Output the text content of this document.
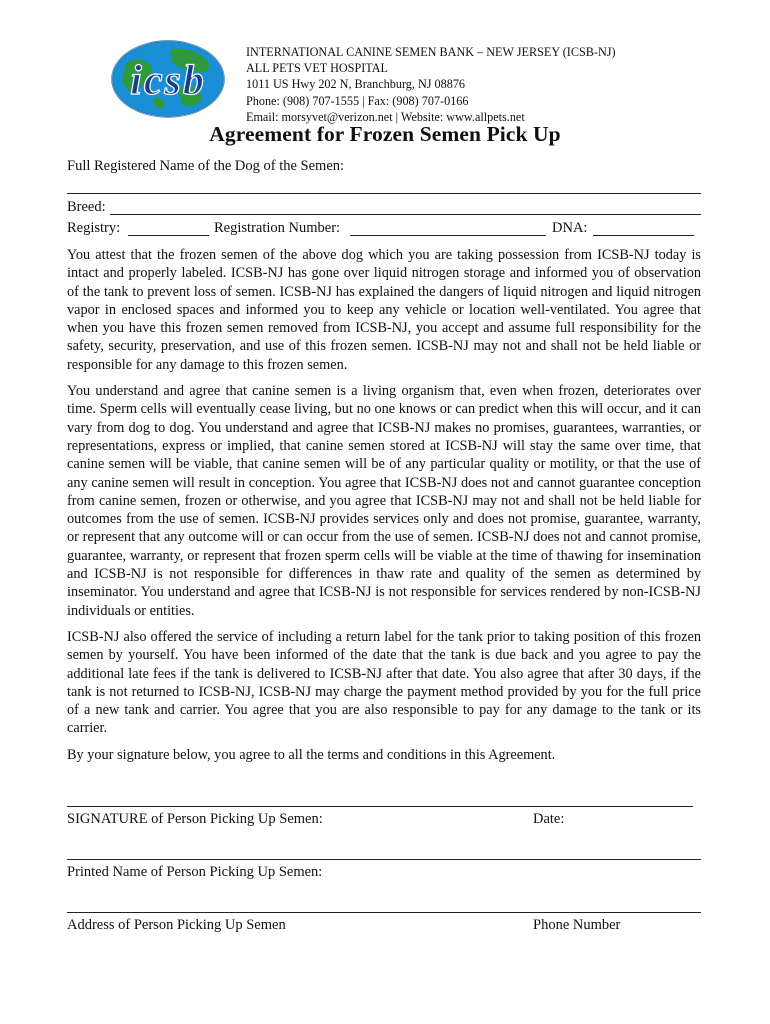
icsb
INTERNATIONAL CANINE SEMEN BANK – NEW JERSEY (ICSB-NJ)
ALL PETS VET HOSPITAL
1011 US Hwy 202 N, Branchburg, NJ 08876
Phone: (908) 707-1555 | Fax: (908) 707-0166
Email: morsyvet@verizon.net | Website: www.allpets.net
Agreement for Frozen Semen Pick Up
Full Registered Name of the Dog of the Semen:
Breed:
Registry:	Registration Number:	DNA:

You attest that the frozen semen of the above dog which you are taking possession from ICSB-NJ today is intact and properly labeled. ICSB-NJ has gone over liquid nitrogen storage and informed you of observation of the tank to prevent loss of semen. ICSB-NJ has explained the dangers of liquid nitrogen and liquid nitrogen vapor in enclosed spaces and informed you to keep any vehicle or location well-ventilated. You agree that when you have this frozen semen removed from ICSB-NJ, you accept and assume full responsibility for the safety, security, preservation, and use of this frozen semen. ICSB-NJ may not and shall not be held liable or responsible for any damage to this frozen semen.

You understand and agree that canine semen is a living organism that, even when frozen, deteriorates over time. Sperm cells will eventually cease living, but no one knows or can predict when this will occur, and it can vary from dog to dog. You understand and agree that ICSB-NJ makes no promises, guarantees, warranties, or representations, express or implied, that canine semen stored at ICSB-NJ will stay the same over time, that canine semen will be viable, that canine semen will be of any particular quality or motility, or that the use of any canine semen will result in conception. You agree that ICSB-NJ does not and cannot guarantee conception from canine semen, frozen or otherwise, and you agree that ICSB-NJ may not and shall not be held liable for outcomes from the use of semen. ICSB-NJ provides services only and does not promise, guarantee, warranty, or represent that any outcome will or can occur from the use of semen. ICSB-NJ does not and cannot promise, guarantee, warranty, or represent that frozen sperm cells will be viable at the time of thawing for insemination and ICSB-NJ is not responsible for differences in thaw rate and quality of the semen as determined by inseminator. You understand and agree that ICSB-NJ is not responsible for services rendered by non-ICSB-NJ individuals or entities.

ICSB-NJ also offered the service of including a return label for the tank prior to taking position of this frozen semen by yourself. You have been informed of the date that the tank is due back and you agree to pay the additional late fees if the tank is delivered to ICSB-NJ after that date. You also agree that after 30 days, if the tank is not returned to ICSB-NJ, ICSB-NJ may charge the payment method provided by you for the full price of a new tank and carrier. You agree that you are also responsible to pay for any damage to the tank or its carrier.

By your signature below, you agree to all the terms and conditions in this Agreement.

SIGNATURE of Person Picking Up Semen:	Date:
Printed Name of Person Picking Up Semen:
Address of Person Picking Up Semen	Phone Number
